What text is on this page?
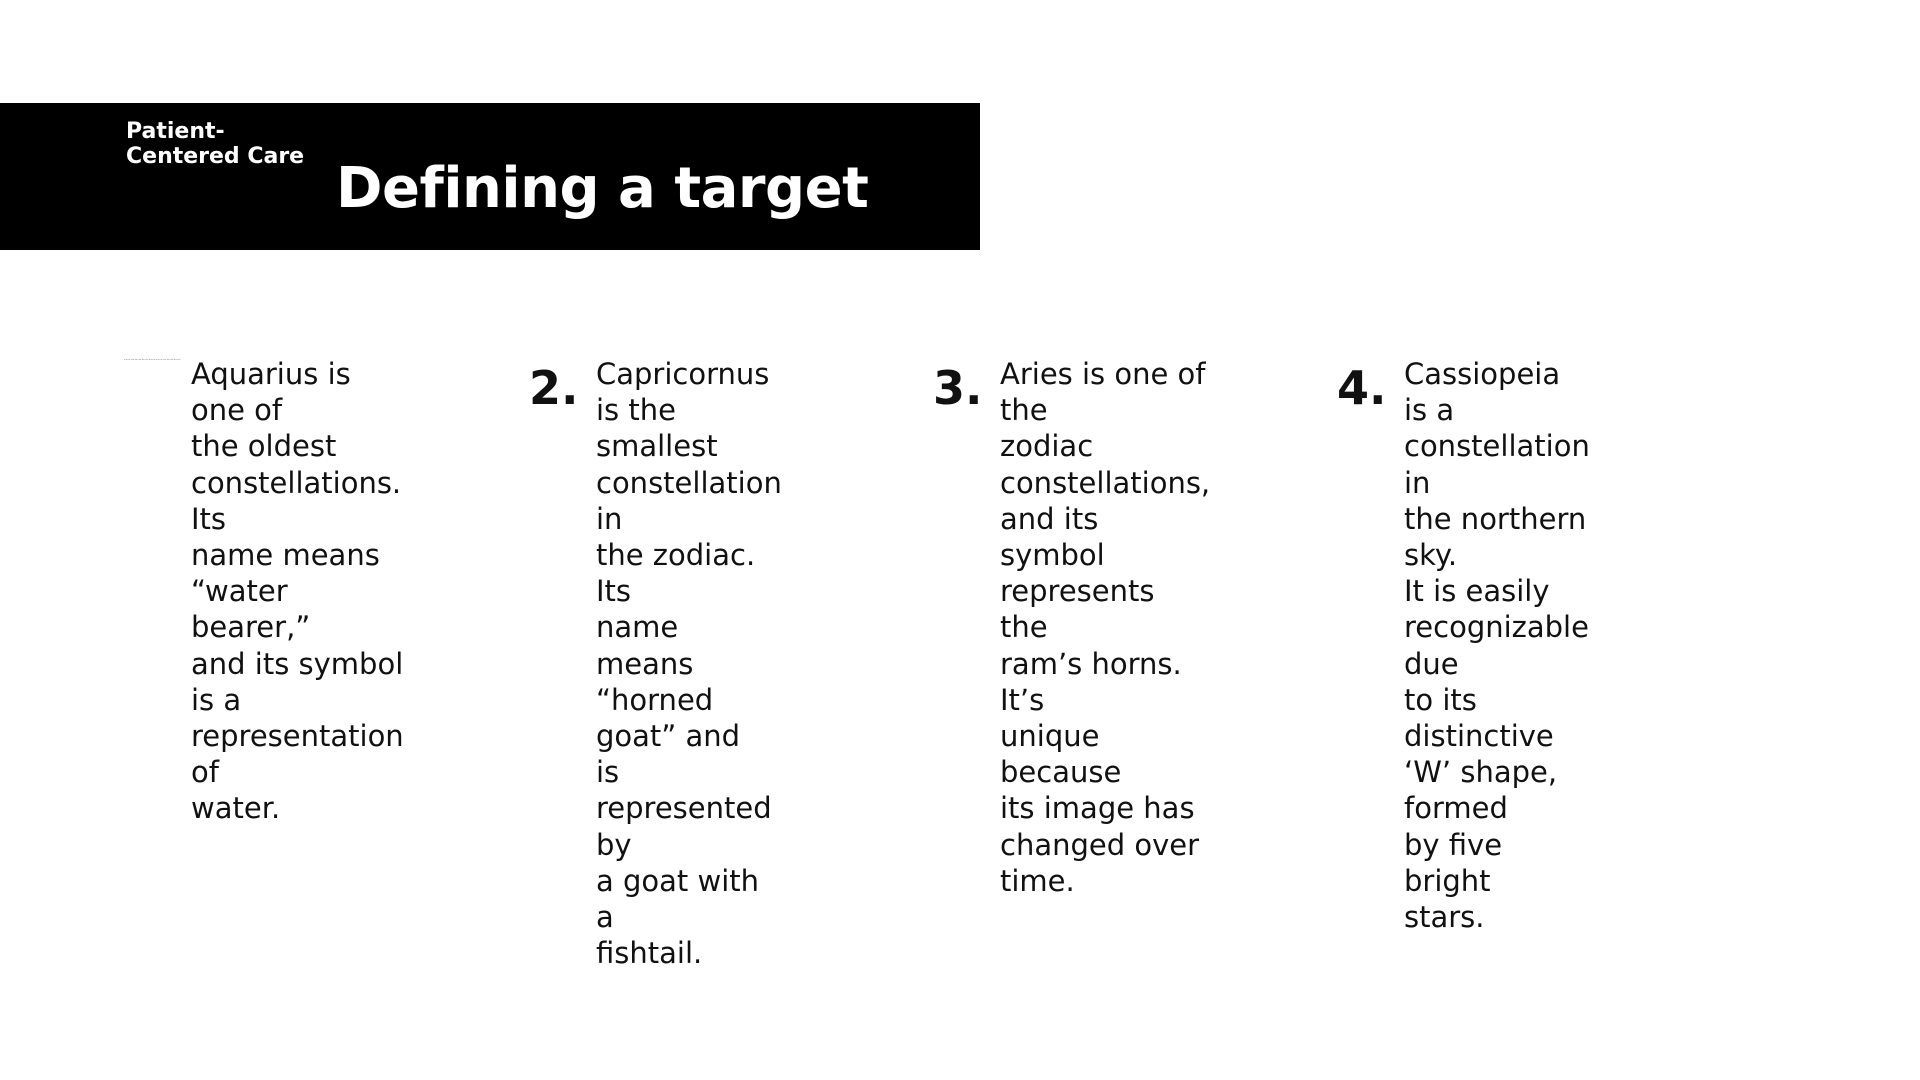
Patient-
Centered Care Defining a target
ii-c ii-c ii-c ii-c ii-c ii-c ii-c ii-c ii-c ii-c ii-c ii-c ii-c ii-c ii-c ii-c Aquarius is one of
the oldest
constellations. Its
name means
“water bearer,”
and its symbol is a
representation of
water.
2. Capricornus is the
smallest
constellation in
the zodiac. Its
name means
“horned goat” and
is represented by
a goat with a
fishtail.
3. Aries is one of the
zodiac
constellations,
and its symbol
represents the
ram’s horns. It’s
unique because
its image has
changed over
time.
4. Cassiopeia is a
constellation in
the northern sky.
It is easily
recognizable due
to its distinctive
‘W’ shape, formed
by five bright
stars.
